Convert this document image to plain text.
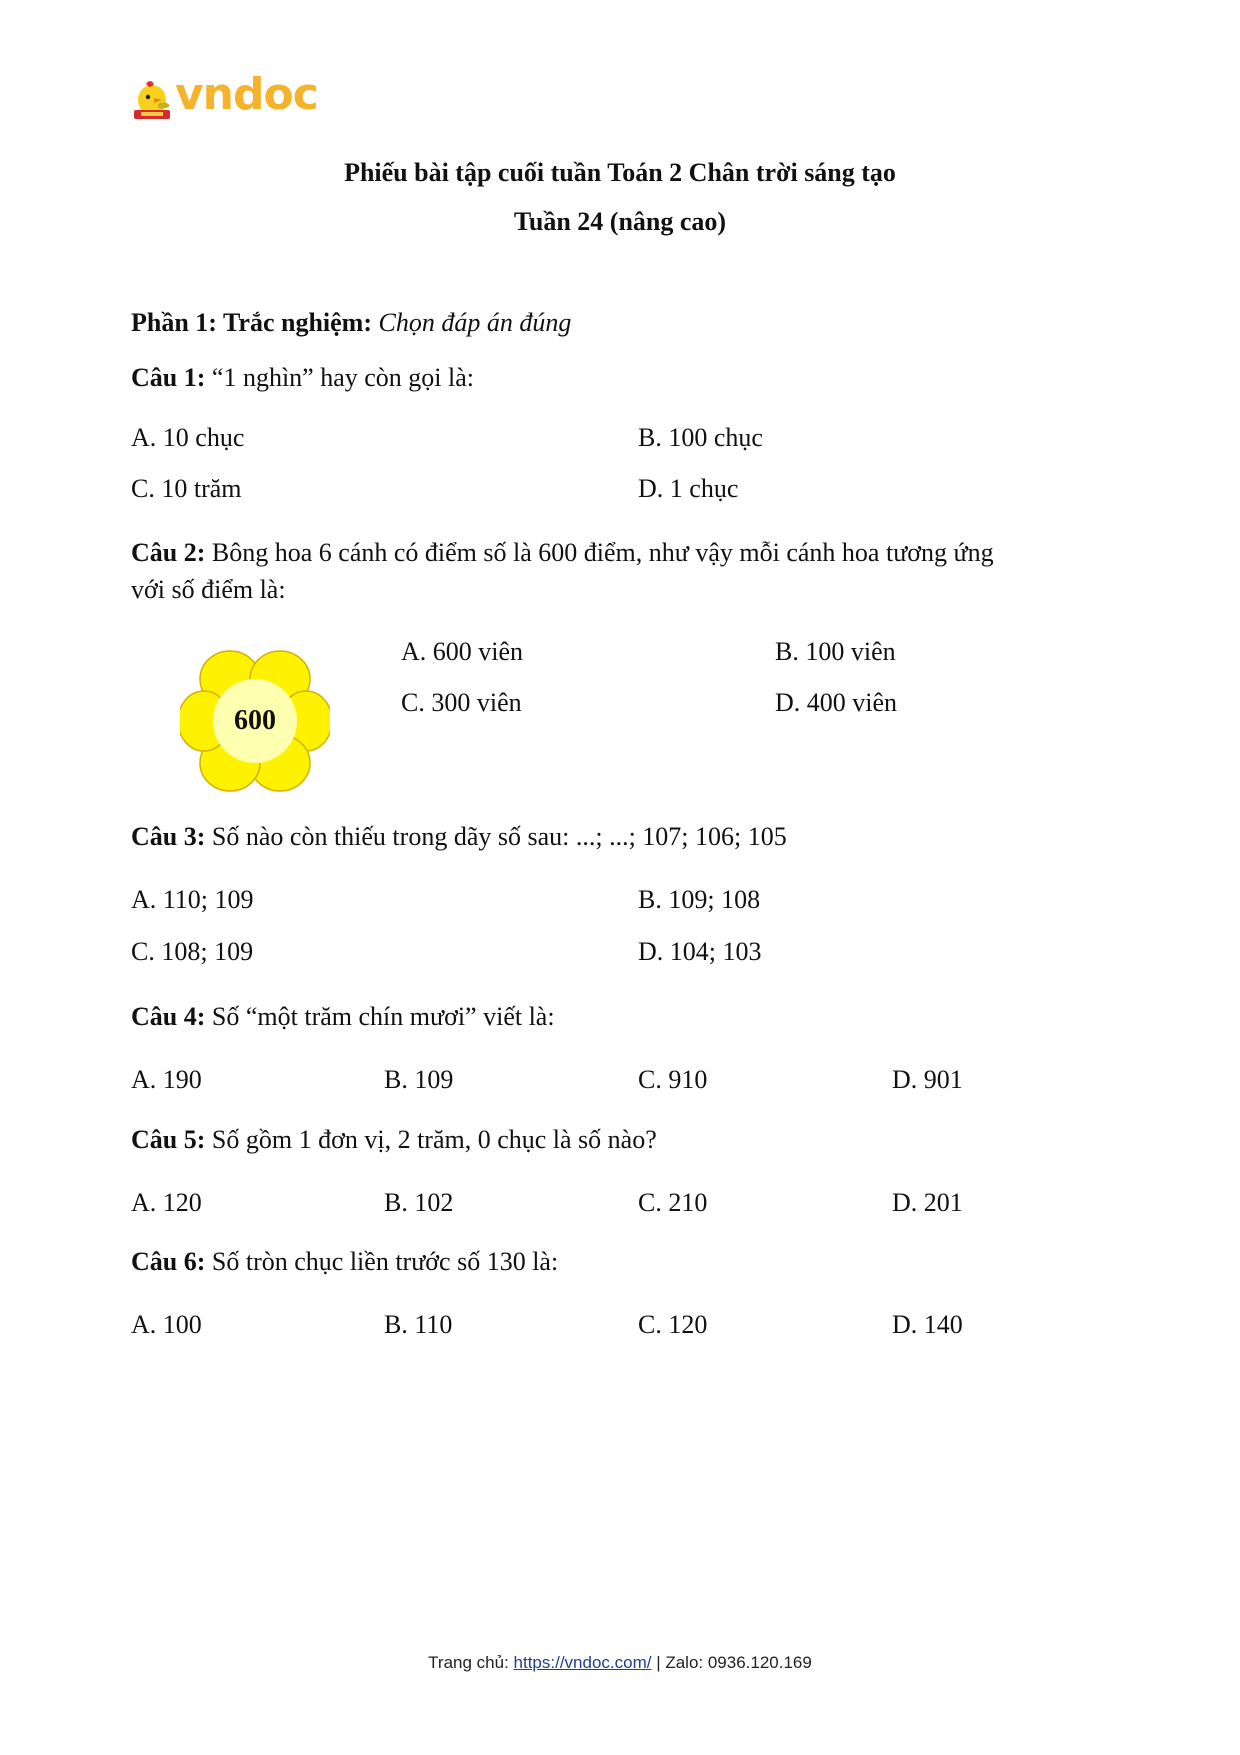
vndoc
Phiếu bài tập cuối tuần Toán 2 Chân trời sáng tạo
Tuần 24 (nâng cao)
Phần 1: Trắc nghiệm: Chọn đáp án đúng
Câu 1: “1 nghìn” hay còn gọi là:
A. 10 chục	B. 100 chục
C. 10 trăm	D. 1 chục
Câu 2: Bông hoa 6 cánh có điểm số là 600 điểm, như vậy mỗi cánh hoa tương ứng
với số điểm là:
600
A. 600 viên	B. 100 viên
C. 300 viên	D. 400 viên
Câu 3: Số nào còn thiếu trong dãy số sau: ...; ...; 107; 106; 105
A. 110; 109	B. 109; 108
C. 108; 109	D. 104; 103
Câu 4: Số “một trăm chín mươi” viết là:
A. 190	B. 109	C. 910	D. 901
Câu 5: Số gồm 1 đơn vị, 2 trăm, 0 chục là số nào?
A. 120	B. 102	C. 210	D. 201
Câu 6: Số tròn chục liền trước số 130 là:
A. 100	B. 110	C. 120	D. 140
Trang chủ: https://vndoc.com/ | Zalo: 0936.120.169
